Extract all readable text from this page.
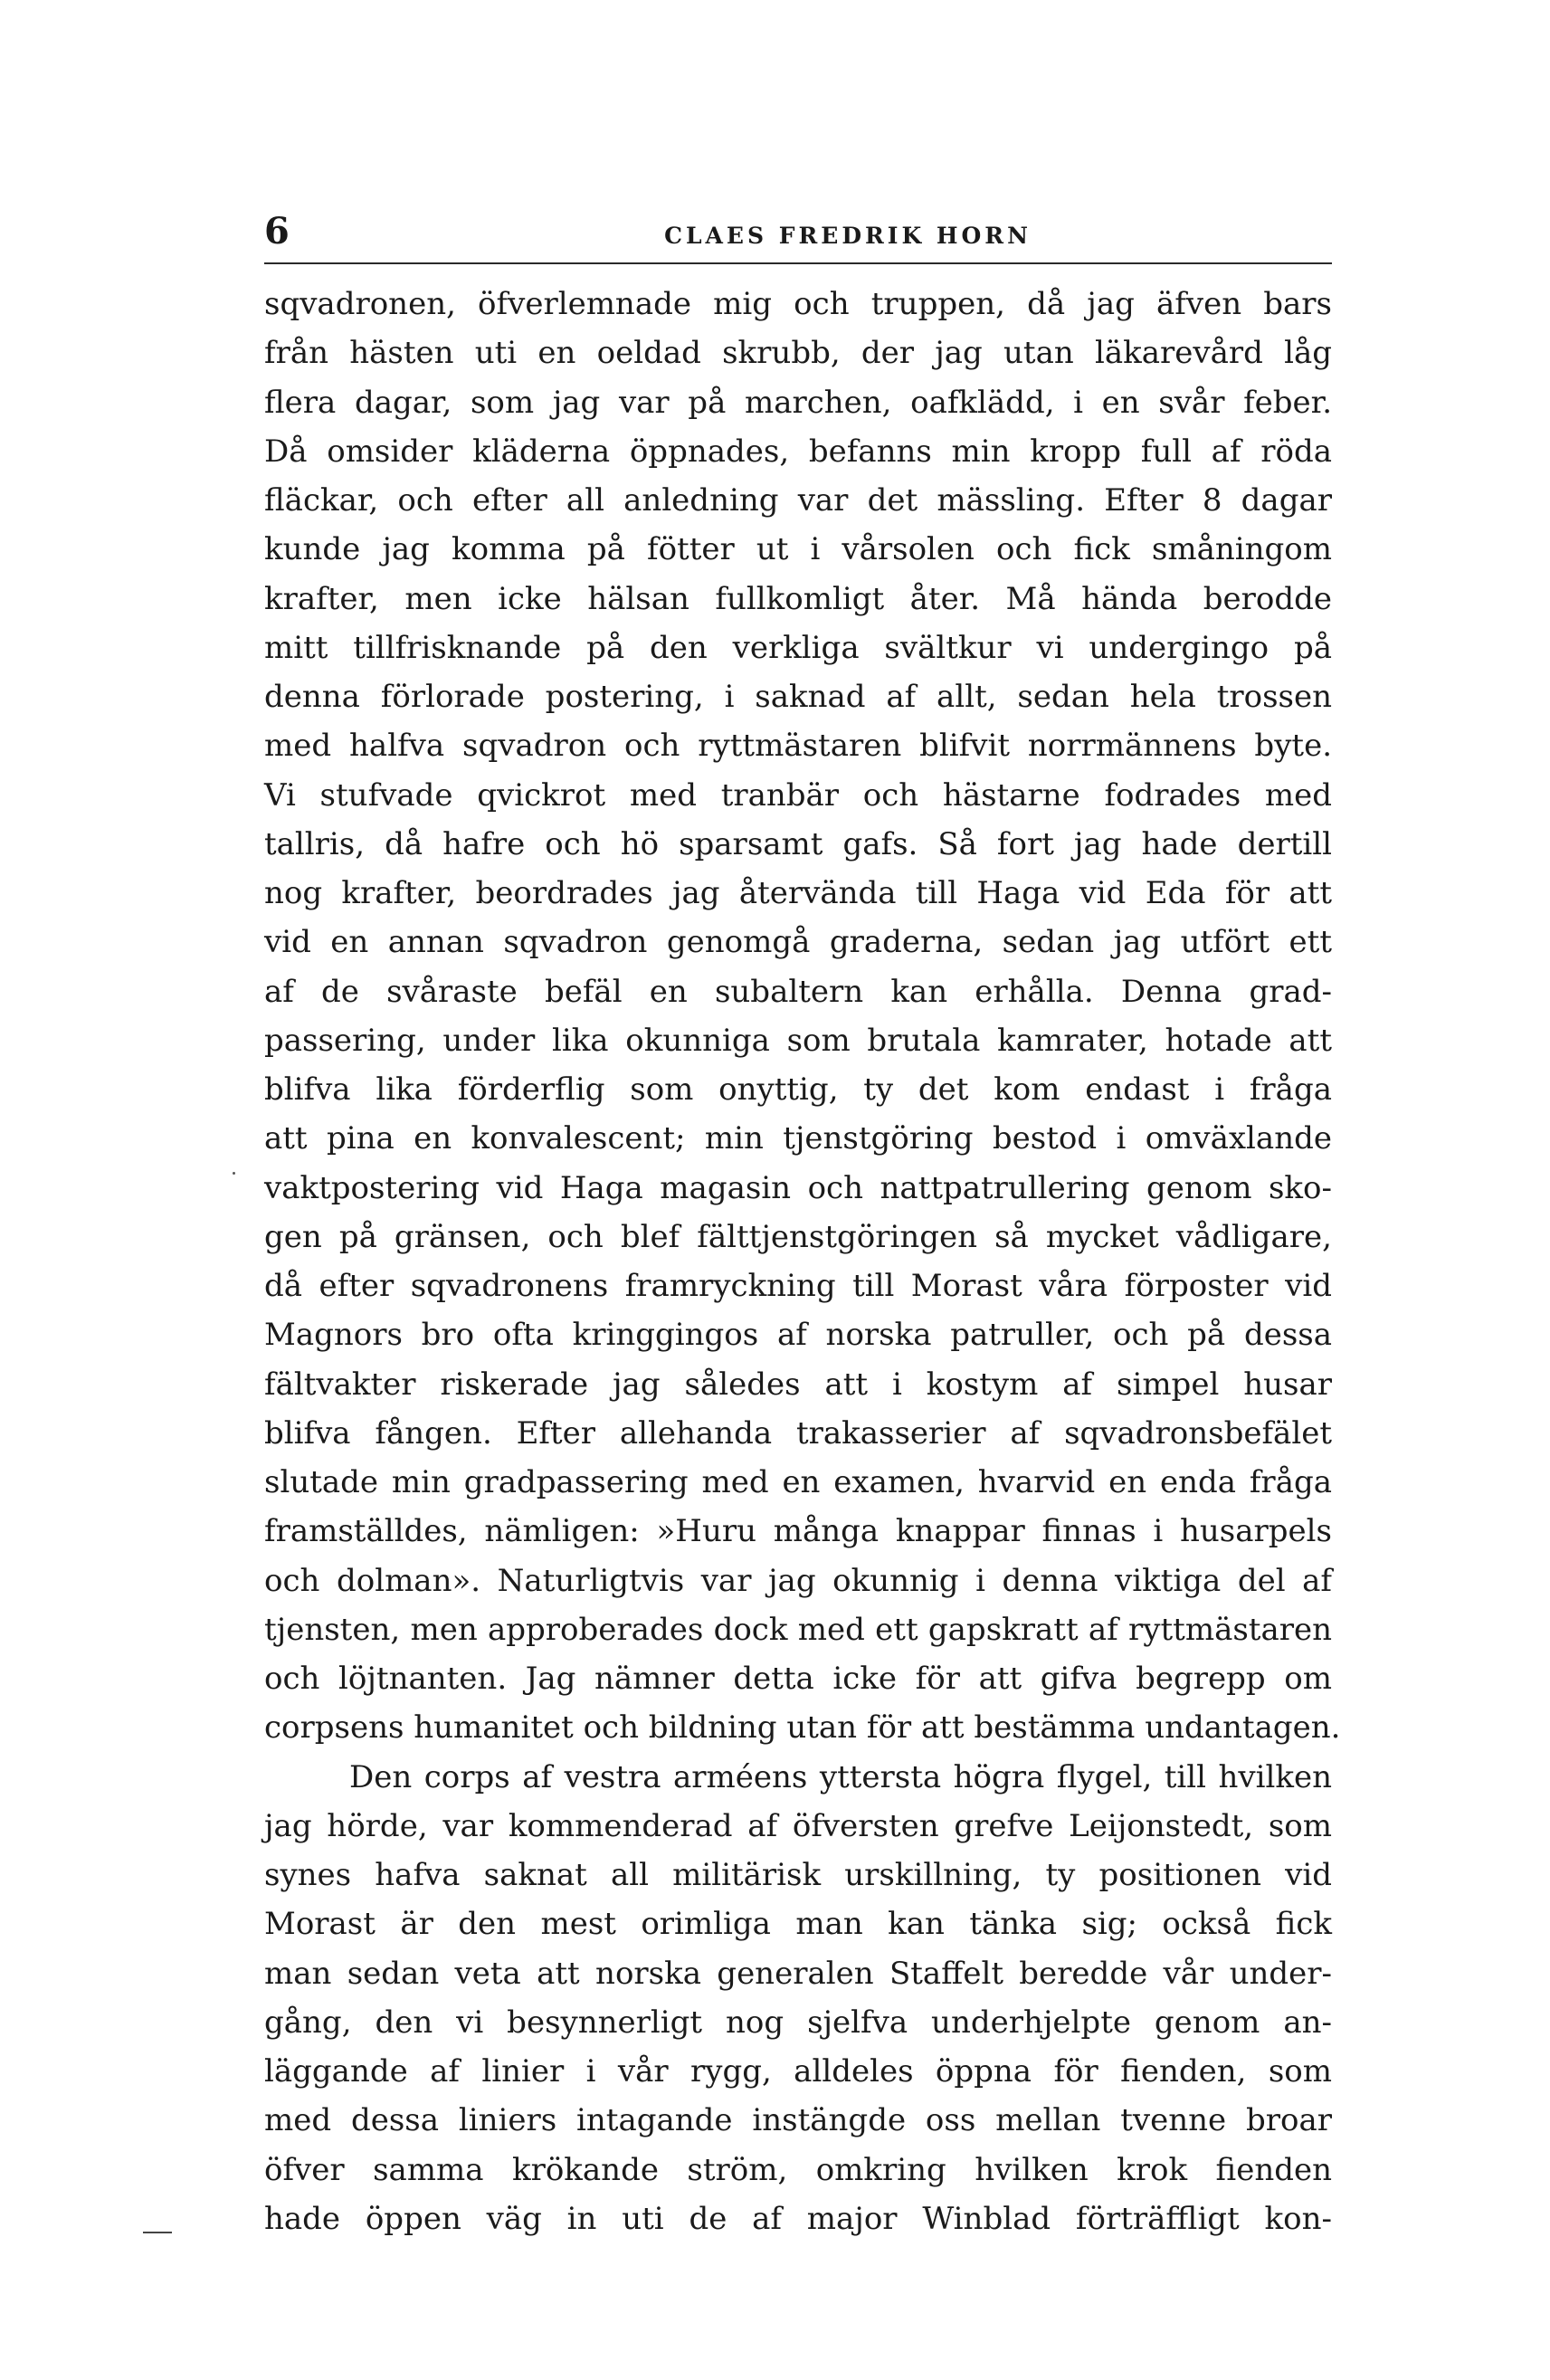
6	CLAES FREDRIK HORN
sqvadronen, öfverlemnade mig och truppen, då jag äfven bars
från hästen uti en oeldad skrubb, der jag utan läkarevård låg
flera dagar, som jag var på marchen, oafklädd, i en svår feber.
Då omsider kläderna öppnades, befanns min kropp full af röda
fläckar, och efter all anledning var det mässling. Efter 8 dagar
kunde jag komma på fötter ut i vårsolen och fick småningom
krafter, men icke hälsan fullkomligt åter. Må hända berodde
mitt tillfrisknande på den verkliga svältkur vi undergingo på
denna förlorade postering, i saknad af allt, sedan hela trossen
med halfva sqvadron och ryttmästaren blifvit norrmännens byte.
Vi stufvade qvickrot med tranbär och hästarne fodrades med
tallris, då hafre och hö sparsamt gafs. Så fort jag hade dertill
nog krafter, beordrades jag återvända till Haga vid Eda för att
vid en annan sqvadron genomgå graderna, sedan jag utfört ett
af de svåraste befäl en subaltern kan erhålla. Denna grad-
passering, under lika okunniga som brutala kamrater, hotade att
blifva lika förderflig som onyttig, ty det kom endast i fråga
att pina en konvalescent; min tjenstgöring bestod i omväxlande
vaktpostering vid Haga magasin och nattpatrullering genom sko-
gen på gränsen, och blef fälttjenstgöringen så mycket vådligare,
då efter sqvadronens framryckning till Morast våra förposter vid
Magnors bro ofta kringgingos af norska patruller, och på dessa
fältvakter riskerade jag således att i kostym af simpel husar
blifva fången. Efter allehanda trakasserier af sqvadronsbefälet
slutade min gradpassering med en examen, hvarvid en enda fråga
framställdes, nämligen: »Huru många knappar finnas i husarpels
och dolman». Naturligtvis var jag okunnig i denna viktiga del af
tjensten, men approberades dock med ett gapskratt af ryttmästaren
och löjtnanten. Jag nämner detta icke för att gifva begrepp om
corpsens humanitet och bildning utan för att bestämma undantagen.
Den corps af vestra arméens yttersta högra flygel, till hvilken
jag hörde, var kommenderad af öfversten grefve Leijonstedt, som
synes hafva saknat all militärisk urskillning, ty positionen vid
Morast är den mest orimliga man kan tänka sig; också fick
man sedan veta att norska generalen Staffelt beredde vår under-
gång, den vi besynnerligt nog sjelfva underhjelpte genom an-
läggande af linier i vår rygg, alldeles öppna för fienden, som
med dessa liniers intagande instängde oss mellan tvenne broar
öfver samma krökande ström, omkring hvilken krok fienden
hade öppen väg in uti de af major Winblad förträffligt kon-
